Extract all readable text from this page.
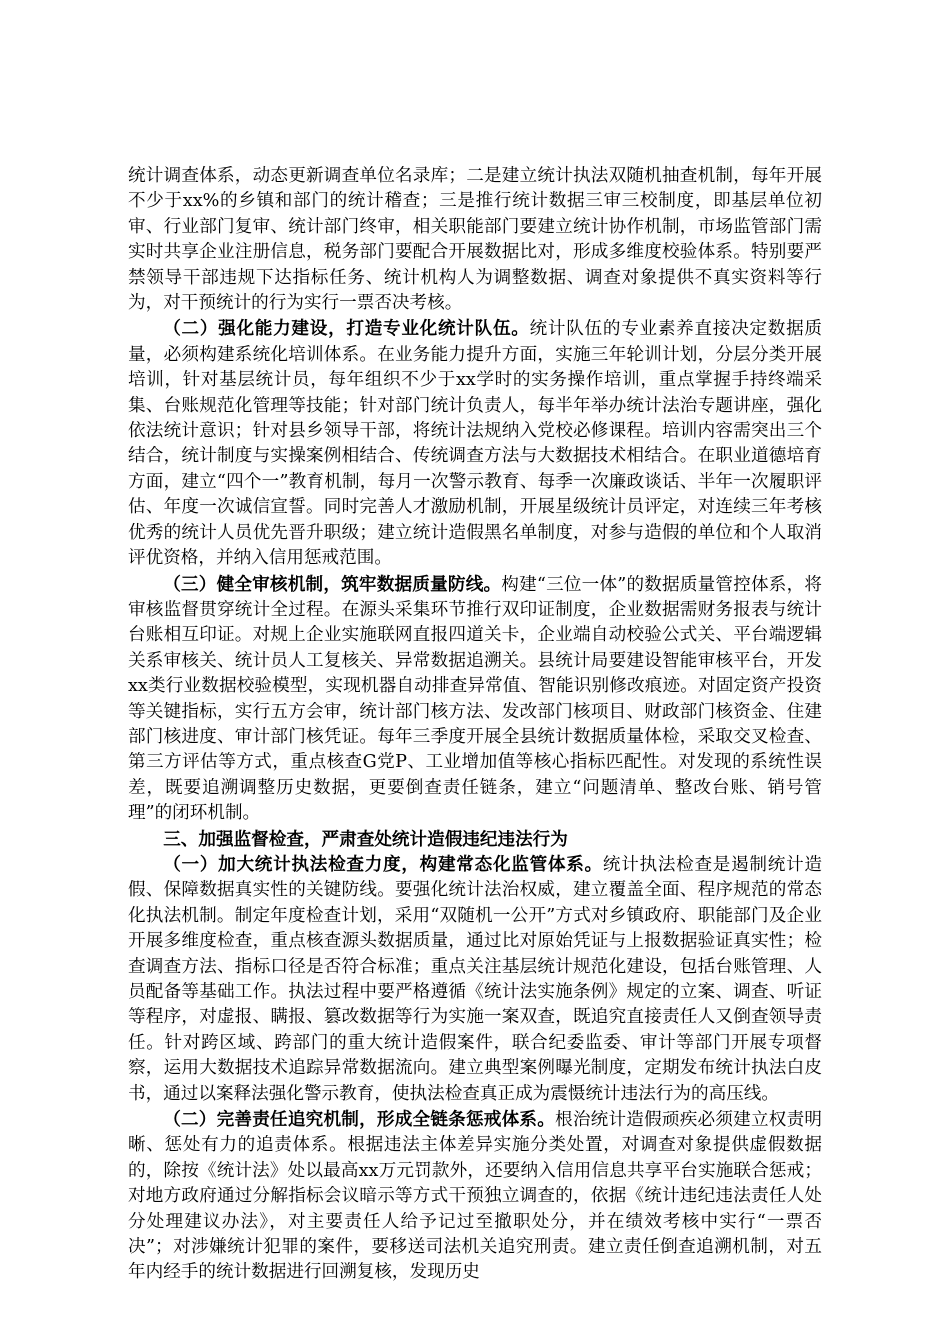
统计调查体系，动态更新调查单位名录库；二是建立统计执法双随机抽查机制，每年开展不少于xx%的乡镇和部门的统计稽查；三是推行统计数据三审三校制度，即基层单位初审、行业部门复审、统计部门终审，相关职能部门要建立统计协作机制，市场监管部门需实时共享企业注册信息，税务部门要配合开展数据比对，形成多维度校验体系。特别要严禁领导干部违规下达指标任务、统计机构人为调整数据、调查对象提供不真实资料等行为，对干预统计的行为实行一票否决考核。

（二）强化能力建设，打造专业化统计队伍。统计队伍的专业素养直接决定数据质量，必须构建系统化培训体系。在业务能力提升方面，实施三年轮训计划，分层分类开展培训，针对基层统计员，每年组织不少于xx学时的实务操作培训，重点掌握手持终端采集、台账规范化管理等技能；针对部门统计负责人，每半年举办统计法治专题讲座，强化依法统计意识；针对县乡领导干部，将统计法规纳入党校必修课程。培训内容需突出三个结合，统计制度与实操案例相结合、传统调查方法与大数据技术相结合。在职业道德培育方面，建立“四个一”教育机制，每月一次警示教育、每季一次廉政谈话、半年一次履职评估、年度一次诚信宣誓。同时完善人才激励机制，开展星级统计员评定，对连续三年考核优秀的统计人员优先晋升职级；建立统计造假黑名单制度，对参与造假的单位和个人取消评优资格，并纳入信用惩戒范围。

（三）健全审核机制，筑牢数据质量防线。构建“三位一体”的数据质量管控体系，将审核监督贯穿统计全过程。在源头采集环节推行双印证制度，企业数据需财务报表与统计台账相互印证。对规上企业实施联网直报四道关卡，企业端自动校验公式关、平台端逻辑关系审核关、统计员人工复核关、异常数据追溯关。县统计局要建设智能审核平台，开发xx类行业数据校验模型，实现机器自动排查异常值、智能识别修改痕迹。对固定资产投资等关键指标，实行五方会审，统计部门核方法、发改部门核项目、财政部门核资金、住建部门核进度、审计部门核凭证。每年三季度开展全县统计数据质量体检，采取交叉检查、第三方评估等方式，重点核查G党P、工业增加值等核心指标匹配性。对发现的系统性误差，既要追溯调整历史数据，更要倒查责任链条，建立“问题清单、整改台账、销号管理”的闭环机制。

三、加强监督检查，严肃查处统计造假违纪违法行为

（一）加大统计执法检查力度，构建常态化监管体系。统计执法检查是遏制统计造假、保障数据真实性的关键防线。要强化统计法治权威，建立覆盖全面、程序规范的常态化执法机制。制定年度检查计划，采用“双随机一公开”方式对乡镇政府、职能部门及企业开展多维度检查，重点核查源头数据质量，通过比对原始凭证与上报数据验证真实性；检查调查方法、指标口径是否符合标准；重点关注基层统计规范化建设，包括台账管理、人员配备等基础工作。执法过程中要严格遵循《统计法实施条例》规定的立案、调查、听证等程序，对虚报、瞒报、篡改数据等行为实施一案双查，既追究直接责任人又倒查领导责任。针对跨区域、跨部门的重大统计造假案件，联合纪委监委、审计等部门开展专项督察，运用大数据技术追踪异常数据流向。建立典型案例曝光制度，定期发布统计执法白皮书，通过以案释法强化警示教育，使执法检查真正成为震慑统计违法行为的高压线。

（二）完善责任追究机制，形成全链条惩戒体系。根治统计造假顽疾必须建立权责明晰、惩处有力的追责体系。根据违法主体差异实施分类处置，对调查对象提供虚假数据的，除按《统计法》处以最高xx万元罚款外，还要纳入信用信息共享平台实施联合惩戒；对地方政府通过分解指标会议暗示等方式干预独立调查的，依据《统计违纪违法责任人处分处理建议办法》，对主要责任人给予记过至撤职处分，并在绩效考核中实行“一票否决”；对涉嫌统计犯罪的案件，要移送司法机关追究刑责。建立责任倒查追溯机制，对五年内经手的统计数据进行回溯复核，发现历史
